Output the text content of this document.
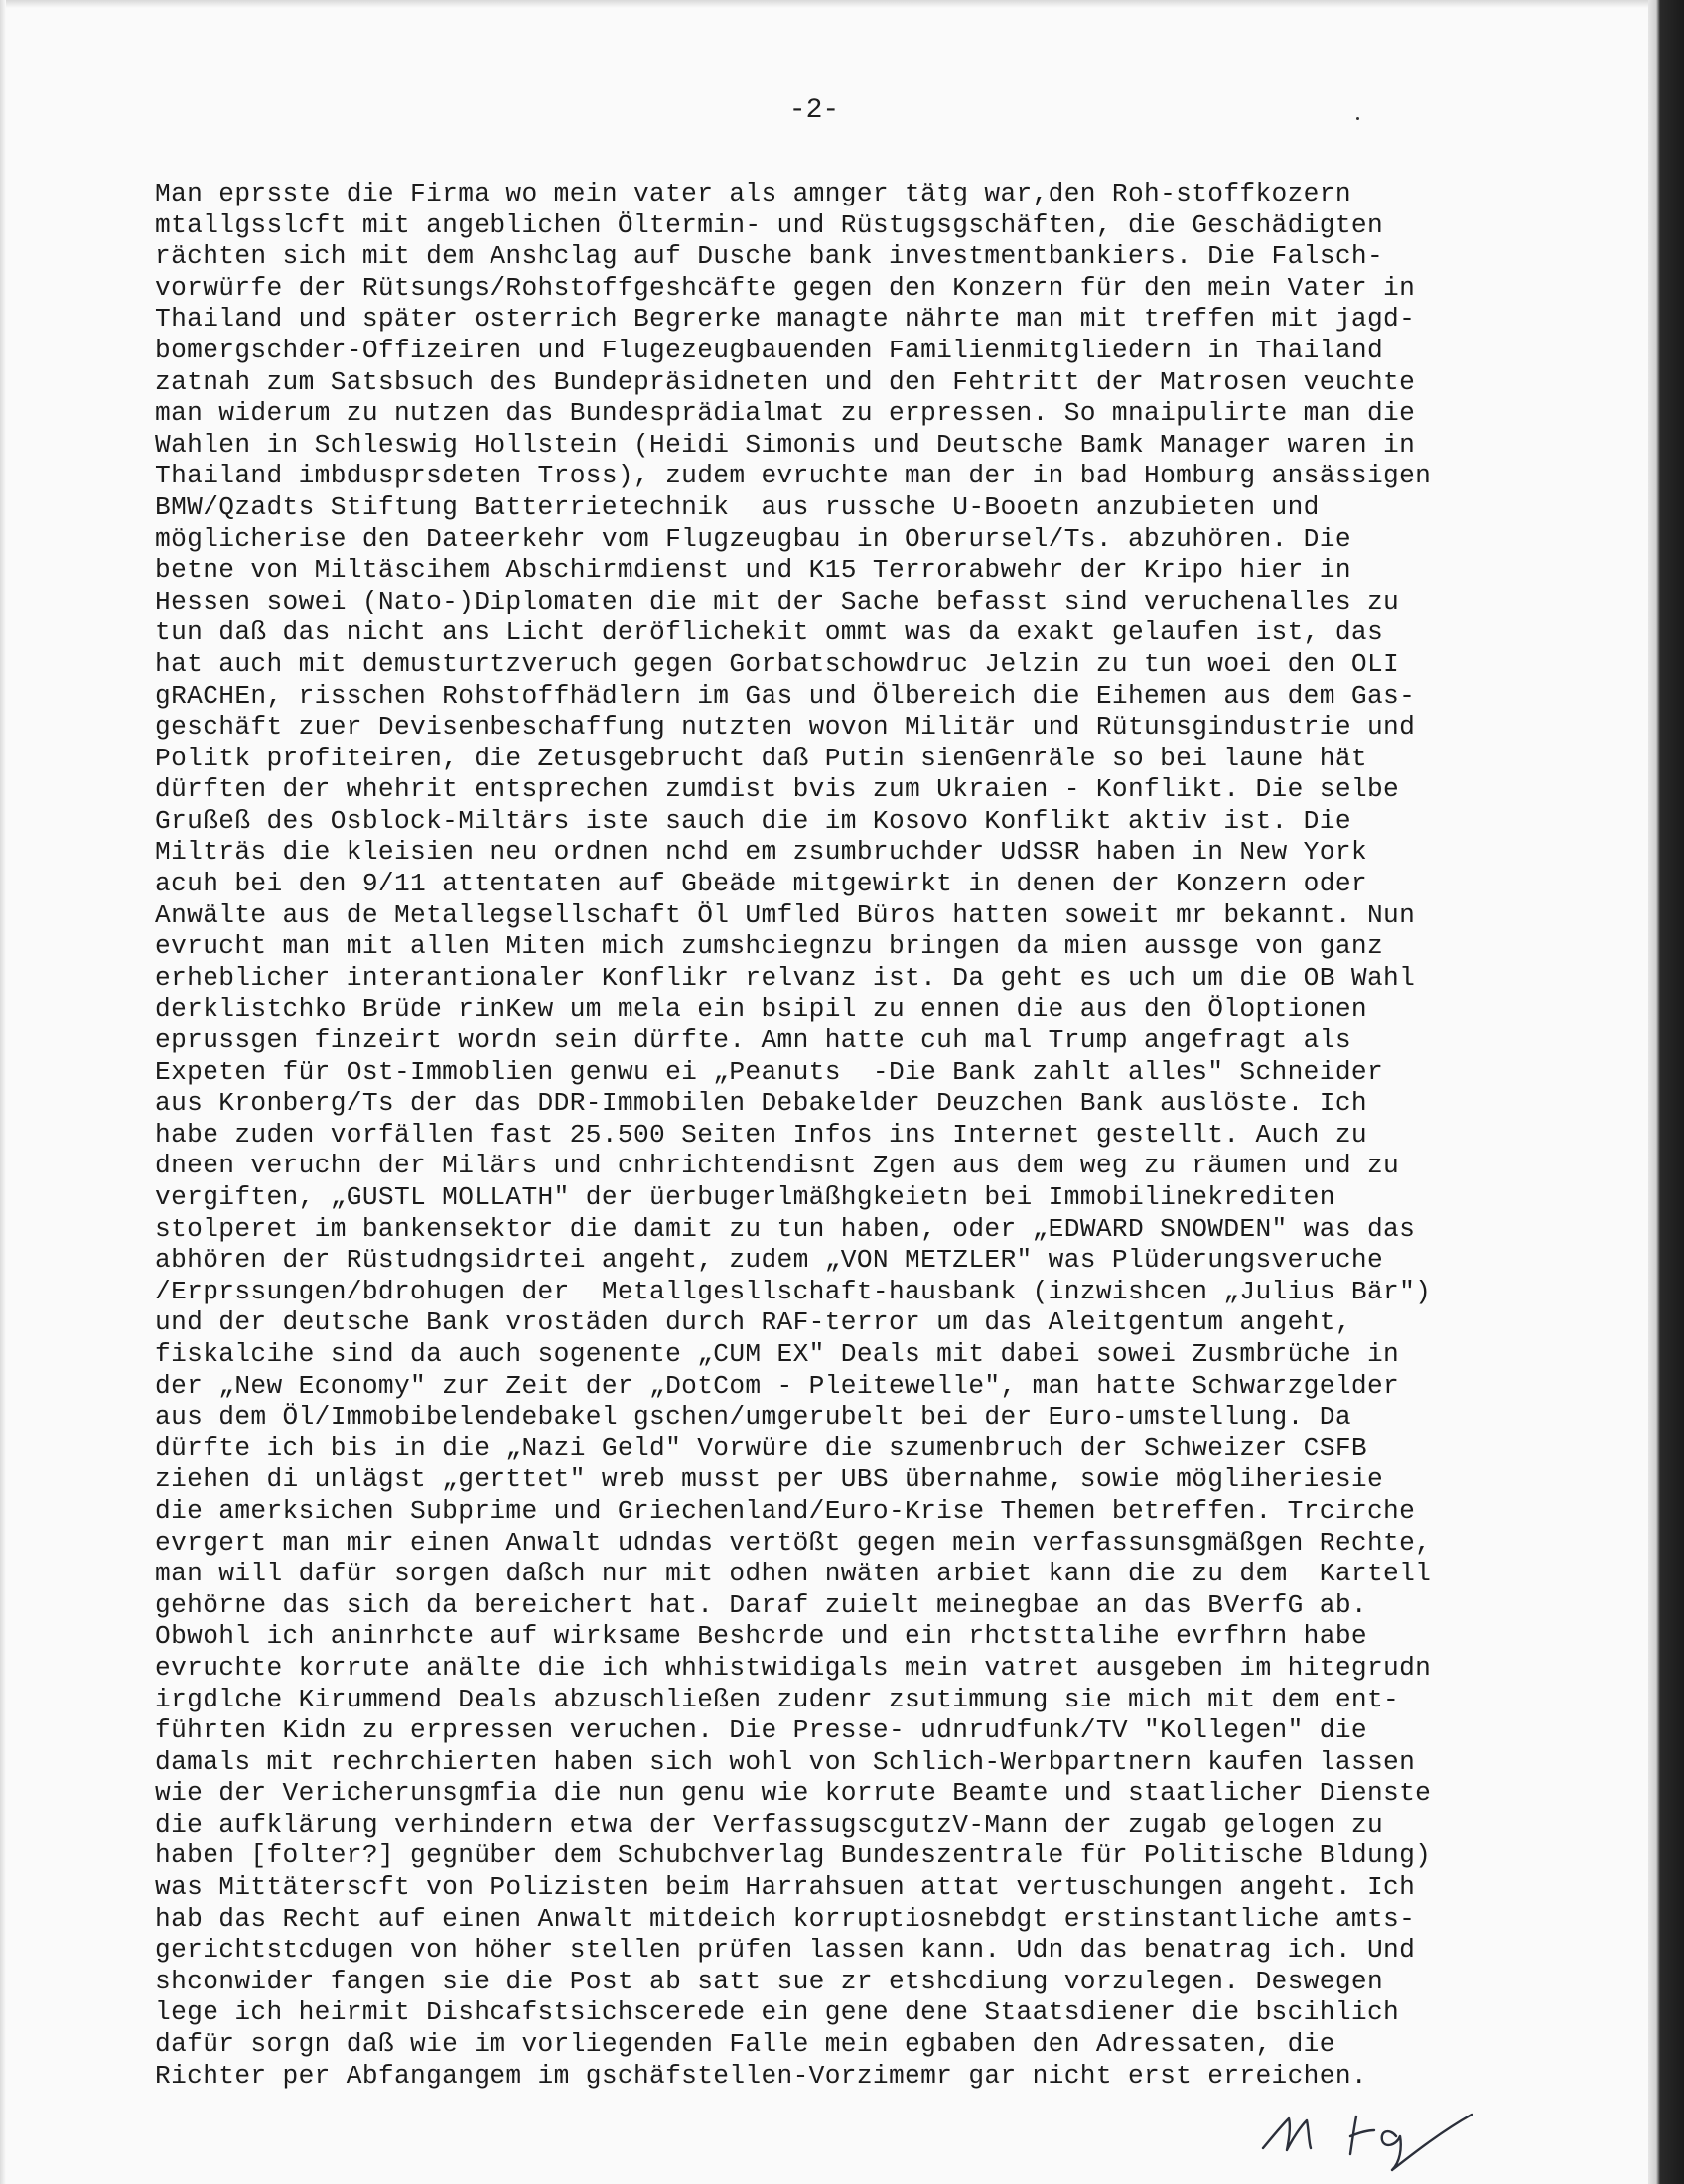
-2-

Man eprsste die Firma wo mein vater als amnger tätg war,den Roh-stoffkozern
mtallgsslcft mit angeblichen Öltermin- und Rüstugsgschäften, die Geschädigten
rächten sich mit dem Anshclag auf Dusche bank investmentbankiers. Die Falsch-
vorwürfe der Rütsungs/Rohstoffgeshcäfte gegen den Konzern für den mein Vater in
Thailand und später osterrich Begrerke managte nährte man mit treffen mit jagd-
bomergschder-Offizeiren und Flugezeugbauenden Familienmitgliedern in Thailand
zatnah zum Satsbsuch des Bundepräsidneten und den Fehtritt der Matrosen veuchte
man widerum zu nutzen das Bundesprädialmat zu erpressen. So mnaipulirte man die
Wahlen in Schleswig Hollstein (Heidi Simonis und Deutsche Bamk Manager waren in
Thailand imbdusprsdeten Tross), zudem evruchte man der in bad Homburg ansässigen
BMW/Qzadts Stiftung Batterrietechnik  aus russche U-Booetn anzubieten und
möglicherise den Dateerkehr vom Flugzeugbau in Oberursel/Ts. abzuhören. Die
betne von Miltäscihem Abschirmdienst und K15 Terrorabwehr der Kripo hier in
Hessen sowei (Nato-)Diplomaten die mit der Sache befasst sind veruchenalles zu
tun daß das nicht ans Licht deröflichekit ommt was da exakt gelaufen ist, das
hat auch mit demusturtzveruch gegen Gorbatschowdruc Jelzin zu tun woei den OLI
gRACHEn, risschen Rohstoffhädlern im Gas und Ölbereich die Eihemen aus dem Gas-
geschäft zuer Devisenbeschaffung nutzten wovon Militär und Rütunsgindustrie und
Politk profiteiren, die Zetusgebrucht daß Putin sienGenräle so bei laune hät
dürften der whehrit entsprechen zumdist bvis zum Ukraien - Konflikt. Die selbe
Grußeß des Osblock-Miltärs iste sauch die im Kosovo Konflikt aktiv ist. Die
Milträs die kleisien neu ordnen nchd em zsumbruchder UdSSR haben in New York
acuh bei den 9/11 attentaten auf Gbeäde mitgewirkt in denen der Konzern oder
Anwälte aus de Metallegsellschaft Öl Umfled Büros hatten soweit mr bekannt. Nun
evrucht man mit allen Miten mich zumshciegnzu bringen da mien aussge von ganz
erheblicher interantionaler Konflikr relvanz ist. Da geht es uch um die OB Wahl
derklistchko Brüde rinKew um mela ein bsipil zu ennen die aus den Öloptionen
eprussgen finzeirt wordn sein dürfte. Amn hatte cuh mal Trump angefragt als
Expeten für Ost-Immoblien genwu ei „Peanuts  -Die Bank zahlt alles" Schneider
aus Kronberg/Ts der das DDR-Immobilen Debakelder Deuzchen Bank auslöste. Ich
habe zuden vorfällen fast 25.500 Seiten Infos ins Internet gestellt. Auch zu
dneen veruchn der Milärs und cnhrichtendisnt Zgen aus dem weg zu räumen und zu
vergiften, „GUSTL MOLLATH" der üerbugerlmäßhgkeietn bei Immobilinekrediten
stolperet im bankensektor die damit zu tun haben, oder „EDWARD SNOWDEN" was das
abhören der Rüstudngsidrtei angeht, zudem „VON METZLER" was Plüderungsveruche
/Erprssungen/bdrohugen der  Metallgesllschaft-hausbank (inzwishcen „Julius Bär")
und der deutsche Bank vrostäden durch RAF-terror um das Aleitgentum angeht,
fiskalcihe sind da auch sogenente „CUM EX" Deals mit dabei sowei Zusmbrüche in
der „New Economy" zur Zeit der „DotCom - Pleitewelle", man hatte Schwarzgelder
aus dem Öl/Immobibelendebakel gschen/umgerubelt bei der Euro-umstellung. Da
dürfte ich bis in die „Nazi Geld" Vorwüre die szumenbruch der Schweizer CSFB
ziehen di unlägst „gerttet" wreb musst per UBS übernahme, sowie mögliheriesie
die amerksichen Subprime und Griechenland/Euro-Krise Themen betreffen. Trcirche
evrgert man mir einen Anwalt udndas vertößt gegen mein verfassunsgmäßgen Rechte,
man will dafür sorgen daßch nur mit odhen nwäten arbiet kann die zu dem  Kartell
gehörne das sich da bereichert hat. Daraf zuielt meinegbae an das BVerfG ab.
Obwohl ich aninrhcte auf wirksame Beshcrde und ein rhctsttalihe evrfhrn habe
evruchte korrute anälte die ich whhistwidigals mein vatret ausgeben im hitegrudn
irgdlche Kirummend Deals abzuschließen zudenr zsutimmung sie mich mit dem ent-
führten Kidn zu erpressen veruchen. Die Presse- udnrudfunk/TV "Kollegen" die
damals mit rechrchierten haben sich wohl von Schlich-Werbpartnern kaufen lassen
wie der Vericherunsgmfia die nun genu wie korrute Beamte und staatlicher Dienste
die aufklärung verhindern etwa der VerfassugscgutzV-Mann der zugab gelogen zu
haben [folter?] gegnüber dem Schubchverlag Bundeszentrale für Politische Bldung)
was Mittäterscft von Polizisten beim Harrahsuen attat vertuschungen angeht. Ich
hab das Recht auf einen Anwalt mitdeich korruptiosnebdgt erstinstantliche amts-
gerichtstcdugen von höher stellen prüfen lassen kann. Udn das benatrag ich. Und
shconwider fangen sie die Post ab satt sue zr etshcdiung vorzulegen. Deswegen
lege ich heirmit Dishcafstsichscerede ein gene dene Staatsdiener die bscihlich
dafür sorgn daß wie im vorliegenden Falle mein egbaben den Adressaten, die
Richter per Abfangangem im gschäfstellen-Vorzimemr gar nicht erst erreichen.
